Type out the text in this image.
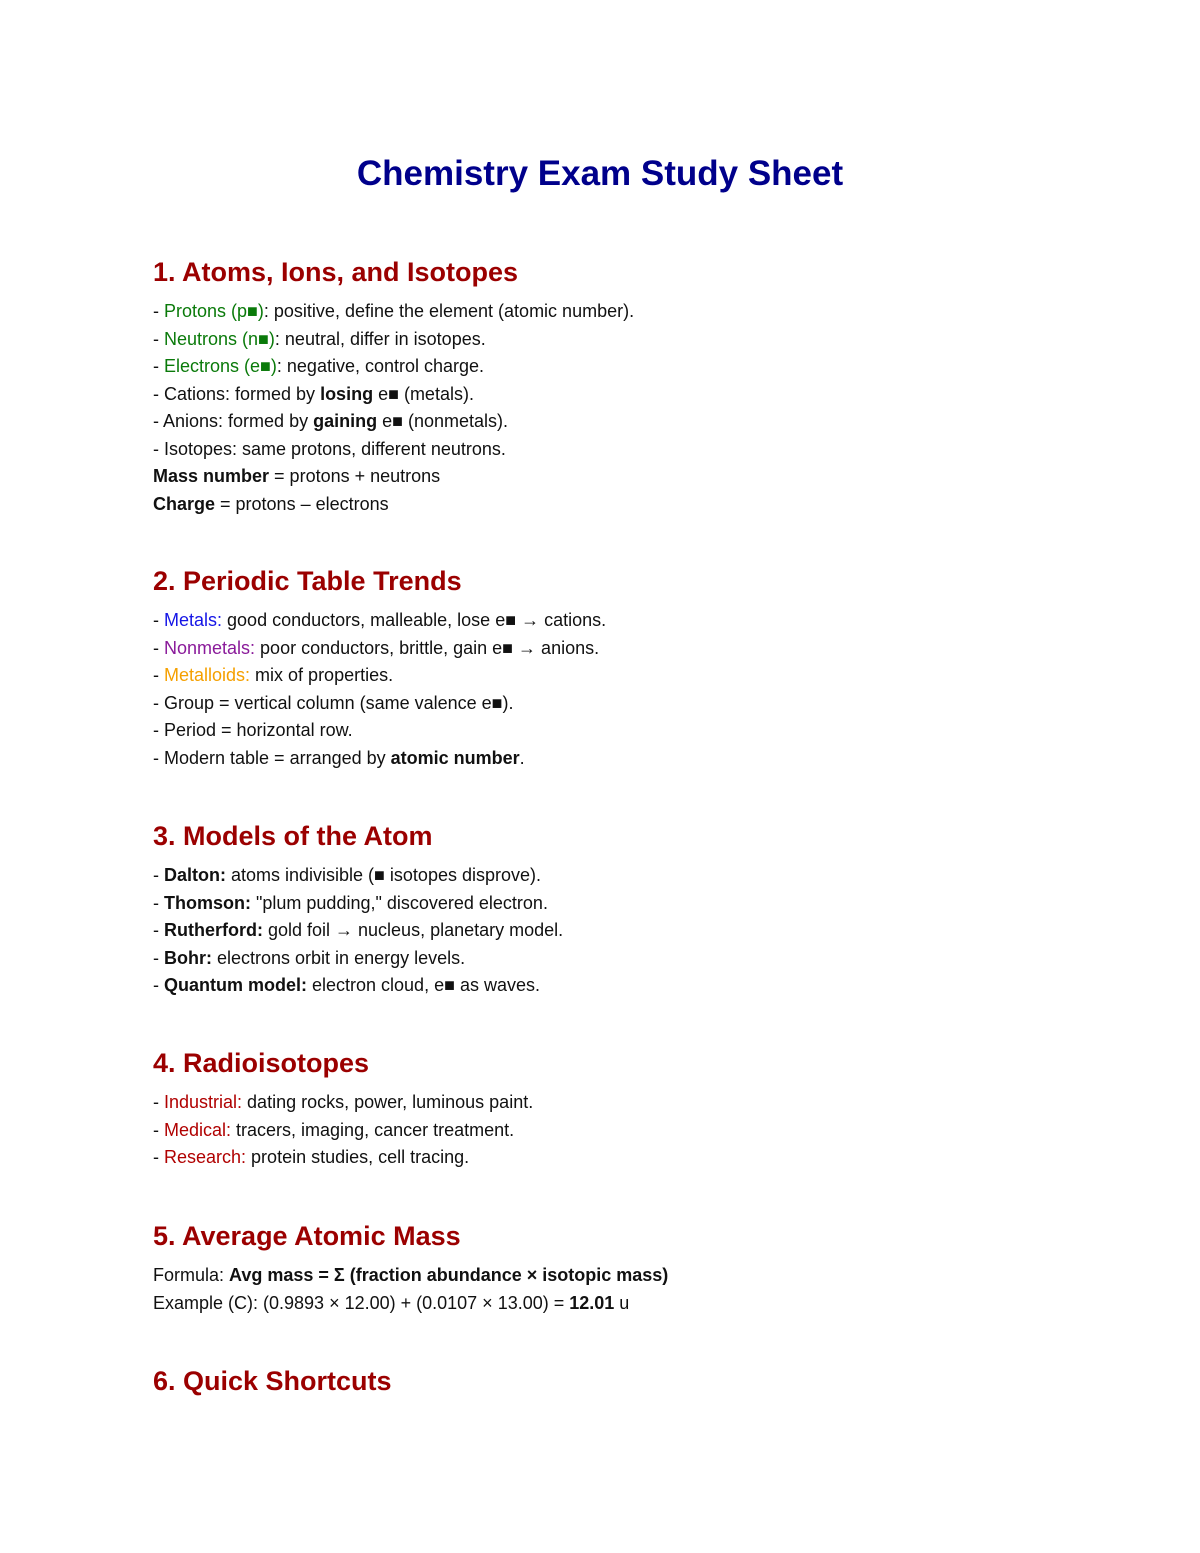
Chemistry Exam Study Sheet
1. Atoms, Ions, and Isotopes
- Protons (p■): positive, define the element (atomic number).
- Neutrons (n■): neutral, differ in isotopes.
- Electrons (e■): negative, control charge.
- Cations: formed by losing e■ (metals).
- Anions: formed by gaining e■ (nonmetals).
- Isotopes: same protons, different neutrons.
Mass number = protons + neutrons
Charge = protons – electrons
2. Periodic Table Trends
- Metals: good conductors, malleable, lose e■ → cations.
- Nonmetals: poor conductors, brittle, gain e■ → anions.
- Metalloids: mix of properties.
- Group = vertical column (same valence e■).
- Period = horizontal row.
- Modern table = arranged by atomic number.
3. Models of the Atom
- Dalton: atoms indivisible (■ isotopes disprove).
- Thomson: "plum pudding," discovered electron.
- Rutherford: gold foil → nucleus, planetary model.
- Bohr: electrons orbit in energy levels.
- Quantum model: electron cloud, e■ as waves.
4. Radioisotopes
- Industrial: dating rocks, power, luminous paint.
- Medical: tracers, imaging, cancer treatment.
- Research: protein studies, cell tracing.
5. Average Atomic Mass
Formula: Avg mass = Σ (fraction abundance × isotopic mass)
Example (C): (0.9893 × 12.00) + (0.0107 × 13.00) = 12.01 u
6. Quick Shortcuts
